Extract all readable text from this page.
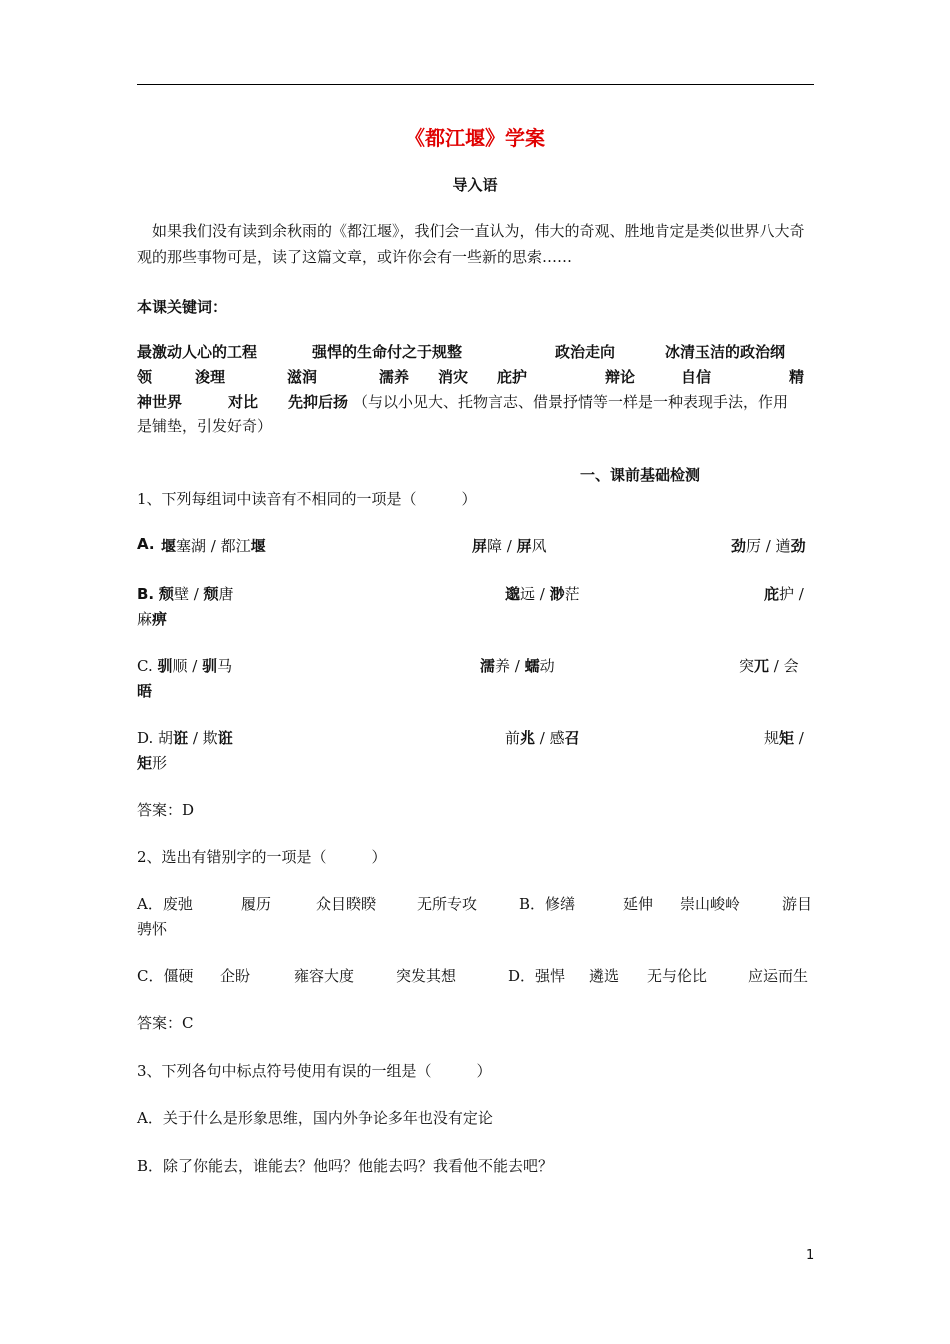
《都江堰》学案
导入语
如果我们没有读到余秋雨的《都江堰》，我们会一直认为，伟大的奇观、胜地肯定是类似世界八大奇观的那些事物可是，读了这篇文章，或许你会有一些新的思索……
本课关键词：
最激动人心的工程	强悍的生命付之于规整	政治走向	冰清玉洁的政治纲
领	浚理	滋润	濡养 消灾 庇护	辩论	自信	精
神世界	对比 先抑后扬 （与以小见大、托物言志、借景抒情等一样是一种表现手法，作用
是铺垫，引发好奇）
一、课前基础检测
1、下列每组词中读音有不相同的一项是（　　　）
A. 堰塞湖 / 都江堰	屏障 / 屏风	劲厉 / 遒劲
B. 颓壁 / 颓唐	邈远 / 渺茫	庇护 /
麻痹
C. 驯顺 / 驯马	濡养 / 蠕动	突兀 / 会
晤
D. 胡诳 / 欺诳	前兆 / 感召	规矩 /
矩形
答案：D
2、选出有错别字的一项是（　　　）
A．废弛	履历	众目睽睽	无所专攻	B．修缮	延伸 崇山峻岭	游目
骋怀
C．僵硬 企盼	雍容大度	突发其想	D．强悍 遴选 无与伦比	应运而生
答案：C
3、下列各句中标点符号使用有误的一组是（　　　）
A．关于什么是形象思维，国内外争论多年也没有定论
B．除了你能去，谁能去？他吗？他能去吗？我看他不能去吧？
1
